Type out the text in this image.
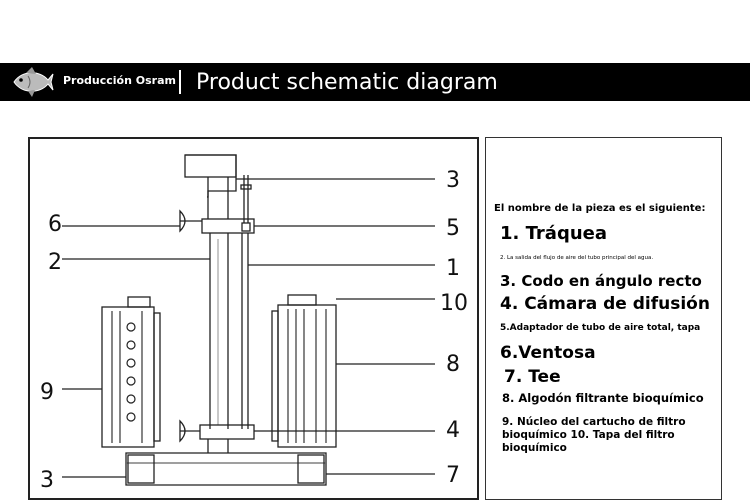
Producción Osram Product schematic diagram
6
2
9
3
3
5
1
10
8
4
7
El nombre de la pieza es el siguiente:
1. Tráquea
2. La salida del flujo de aire del tubo principal del agua.
3. Codo en ángulo recto
4. Cámara de difusión
5.Adaptador de tubo de aire total, tapa
6.Ventosa
7. Tee
8. Algodón filtrante bioquímico
9. Núcleo del cartucho de filtro
bioquímico 10. Tapa del filtro
bioquímico
